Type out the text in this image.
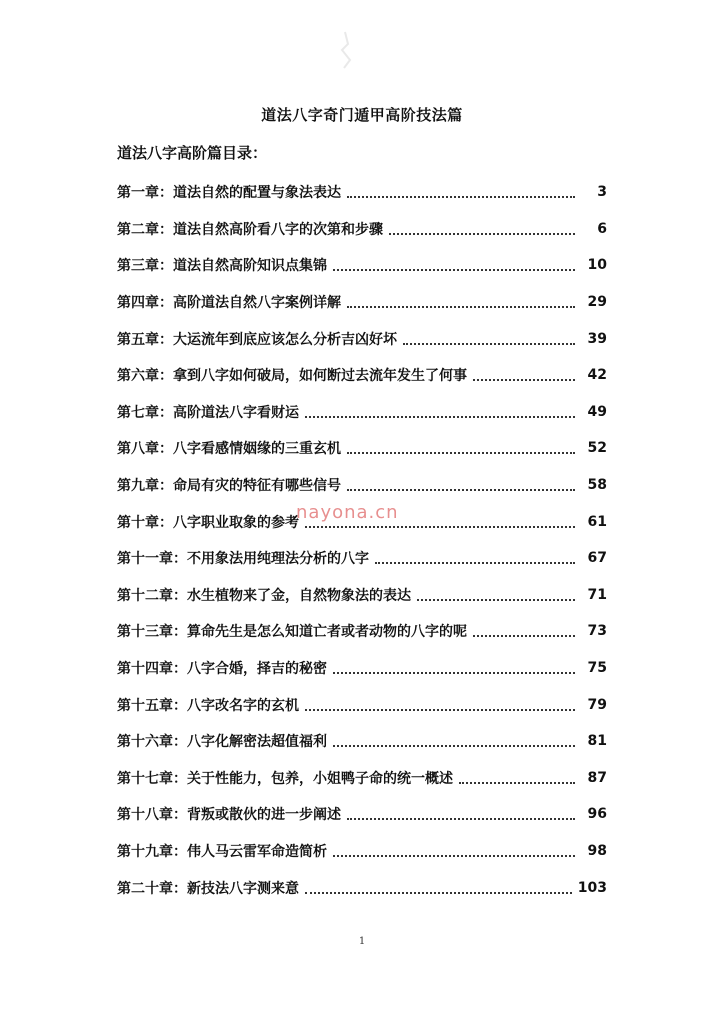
道法八字奇门遁甲高阶技法篇
道法八字高阶篇目录：
第一章： 道法自然的配置与象法表达	3
第二章： 道法自然高阶看八字的次第和步骤	6
第三章： 道法自然高阶知识点集锦	10
第四章： 高阶道法自然八字案例详解	29
第五章： 大运流年到底应该怎么分析吉凶好坏	39
第六章： 拿到八字如何破局，如何断过去流年发生了何事	42
第七章： 高阶道法八字看财运	49
第八章： 八字看感情姻缘的三重玄机	52
第九章： 命局有灾的特征有哪些信号	58
第十章： 八字职业取象的参考	61
第十一章： 不用象法用纯理法分析的八字	67
第十二章： 水生植物来了金，自然物象法的表达	71
第十三章： 算命先生是怎么知道亡者或者动物的八字的呢	73
第十四章： 八字合婚，择吉的秘密	75
第十五章： 八字改名字的玄机	79
第十六章： 八字化解密法超值福利	81
第十七章： 关于性能力，包养，小姐鸭子命的统一概述	87
第十八章： 背叛或散伙的进一步阐述	96
第十九章： 伟人马云雷军命造简析	98
第二十章： 新技法八字测来意	103
nayona.cn
1
